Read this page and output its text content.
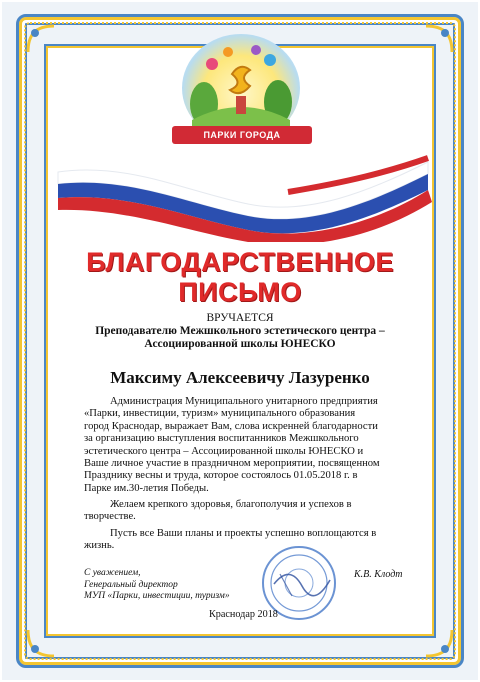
ПАРКИ ГОРОДА
БЛАГОДАРСТВЕННОЕ
ПИСЬМО
ВРУЧАЕТСЯ
Преподавателю Межшкольного эстетического центра –
Ассоциированной школы ЮНЕСКО
Максиму Алексеевичу Лазуренко
Администрация Муниципального унитарного предприятия
«Парки, инвестиции, туризм» муниципального образования
город Краснодар, выражает Вам, слова искренней благодарности
за организацию выступления воспитанников Межшкольного
эстетического центра – Ассоциированной школы ЮНЕСКО и
Ваше личное участие в праздничном мероприятии, посвященном
Празднику весны и труда, которое состоялось 01.05.2018 г. в
Парке им.30-летия Победы.
Желаем крепкого здоровья, благополучия и успехов в
творчестве.
Пусть все Ваши планы и проекты успешно воплощаются в
жизнь.
С уважением,
Генеральный директор
МУП «Парки, инвестиции, туризм»
К.В. Клодт
Краснодар 2018
